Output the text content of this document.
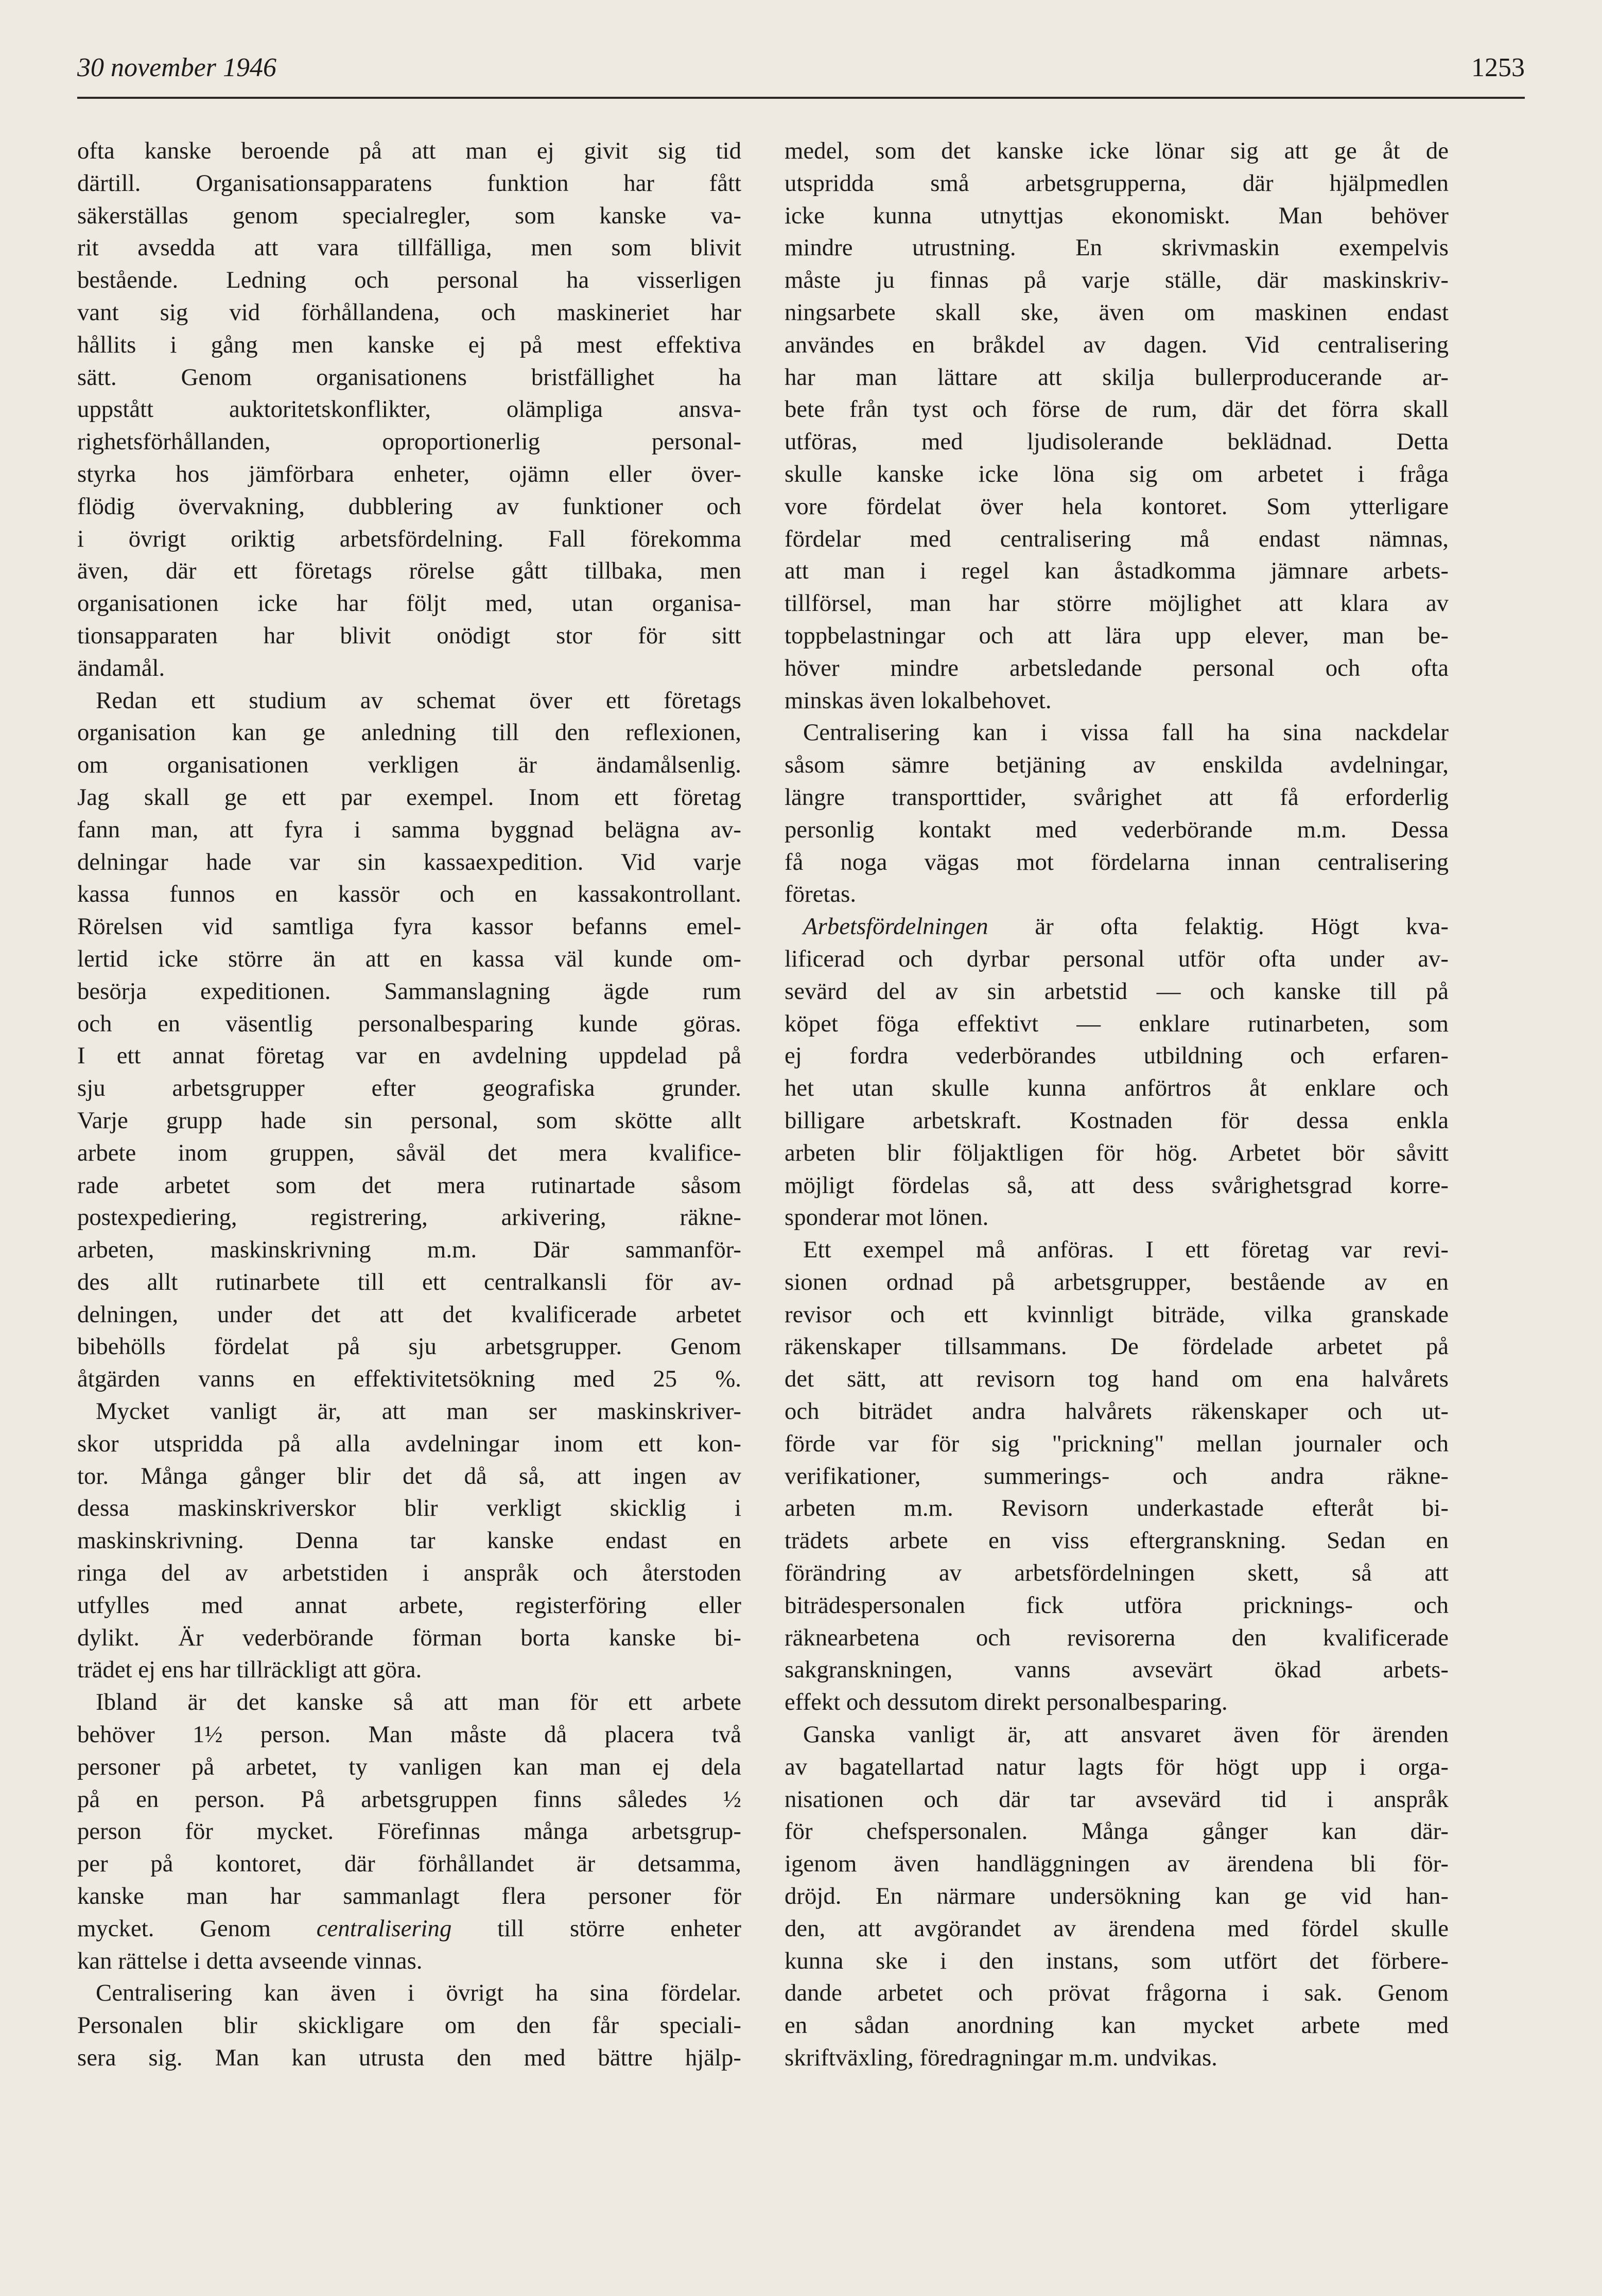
30 november 1946	1253
ofta kanske beroende på att man ej givit sig tid
därtill. Organisationsapparatens funktion har fått
säkerställas genom specialregler, som kanske va-
rit avsedda att vara tillfälliga, men som blivit
bestående. Ledning och personal ha visserligen
vant sig vid förhållandena, och maskineriet har
hållits i gång men kanske ej på mest effektiva
sätt. Genom organisationens bristfällighet ha
uppstått auktoritetskonflikter, olämpliga ansva-
righetsförhållanden, oproportionerlig personal-
styrka hos jämförbara enheter, ojämn eller över-
flödig övervakning, dubblering av funktioner och
i övrigt oriktig arbetsfördelning. Fall förekomma
även, där ett företags rörelse gått tillbaka, men
organisationen icke har följt med, utan organisa-
tionsapparaten har blivit onödigt stor för sitt
ändamål.
Redan ett studium av schemat över ett företags
organisation kan ge anledning till den reflexionen,
om organisationen verkligen är ändamålsenlig.
Jag skall ge ett par exempel. Inom ett företag
fann man, att fyra i samma byggnad belägna av-
delningar hade var sin kassaexpedition. Vid varje
kassa funnos en kassör och en kassakontrollant.
Rörelsen vid samtliga fyra kassor befanns emel-
lertid icke större än att en kassa väl kunde om-
besörja expeditionen. Sammanslagning ägde rum
och en väsentlig personalbesparing kunde göras.
I ett annat företag var en avdelning uppdelad på
sju arbetsgrupper efter geografiska grunder.
Varje grupp hade sin personal, som skötte allt
arbete inom gruppen, såväl det mera kvalifice-
rade arbetet som det mera rutinartade såsom
postexpediering, registrering, arkivering, räkne-
arbeten, maskinskrivning m.m. Där sammanför-
des allt rutinarbete till ett centralkansli för av-
delningen, under det att det kvalificerade arbetet
bibehölls fördelat på sju arbetsgrupper. Genom
åtgärden vanns en effektivitetsökning med 25 %.
Mycket vanligt är, att man ser maskinskriver-
skor utspridda på alla avdelningar inom ett kon-
tor. Många gånger blir det då så, att ingen av
dessa maskinskriverskor blir verkligt skicklig i
maskinskrivning. Denna tar kanske endast en
ringa del av arbetstiden i anspråk och återstoden
utfylles med annat arbete, registerföring eller
dylikt. Är vederbörande förman borta kanske bi-
trädet ej ens har tillräckligt att göra.
Ibland är det kanske så att man för ett arbete
behöver 1½ person. Man måste då placera två
personer på arbetet, ty vanligen kan man ej dela
på en person. På arbetsgruppen finns således ½
person för mycket. Förefinnas många arbetsgrup-
per på kontoret, där förhållandet är detsamma,
kanske man har sammanlagt flera personer för
mycket. Genom centralisering till större enheter
kan rättelse i detta avseende vinnas.
Centralisering kan även i övrigt ha sina fördelar.
Personalen blir skickligare om den får speciali-
sera sig. Man kan utrusta den med bättre hjälp-
medel, som det kanske icke lönar sig att ge åt de
utspridda små arbetsgrupperna, där hjälpmedlen
icke kunna utnyttjas ekonomiskt. Man behöver
mindre utrustning. En skrivmaskin exempelvis
måste ju finnas på varje ställe, där maskinskriv-
ningsarbete skall ske, även om maskinen endast
användes en bråkdel av dagen. Vid centralisering
har man lättare att skilja bullerproducerande ar-
bete från tyst och förse de rum, där det förra skall
utföras, med ljudisolerande beklädnad. Detta
skulle kanske icke löna sig om arbetet i fråga
vore fördelat över hela kontoret. Som ytterligare
fördelar med centralisering må endast nämnas,
att man i regel kan åstadkomma jämnare arbets-
tillförsel, man har större möjlighet att klara av
toppbelastningar och att lära upp elever, man be-
höver mindre arbetsledande personal och ofta
minskas även lokalbehovet.
Centralisering kan i vissa fall ha sina nackdelar
såsom sämre betjäning av enskilda avdelningar,
längre transporttider, svårighet att få erforderlig
personlig kontakt med vederbörande m.m. Dessa
få noga vägas mot fördelarna innan centralisering
företas.
Arbetsfördelningen är ofta felaktig. Högt kva-
lificerad och dyrbar personal utför ofta under av-
sevärd del av sin arbetstid — och kanske till på
köpet föga effektivt — enklare rutinarbeten, som
ej fordra vederbörandes utbildning och erfaren-
het utan skulle kunna anförtros åt enklare och
billigare arbetskraft. Kostnaden för dessa enkla
arbeten blir följaktligen för hög. Arbetet bör såvitt
möjligt fördelas så, att dess svårighetsgrad korre-
sponderar mot lönen.
Ett exempel må anföras. I ett företag var revi-
sionen ordnad på arbetsgrupper, bestående av en
revisor och ett kvinnligt biträde, vilka granskade
räkenskaper tillsammans. De fördelade arbetet på
det sätt, att revisorn tog hand om ena halvårets
och biträdet andra halvårets räkenskaper och ut-
förde var för sig "prickning" mellan journaler och
verifikationer, summerings- och andra räkne-
arbeten m.m. Revisorn underkastade efteråt bi-
trädets arbete en viss eftergranskning. Sedan en
förändring av arbetsfördelningen skett, så att
biträdespersonalen fick utföra pricknings- och
räknearbetena och revisorerna den kvalificerade
sakgranskningen, vanns avsevärt ökad arbets-
effekt och dessutom direkt personalbesparing.
Ganska vanligt är, att ansvaret även för ärenden
av bagatellartad natur lagts för högt upp i orga-
nisationen och där tar avsevärd tid i anspråk
för chefspersonalen. Många gånger kan där-
igenom även handläggningen av ärendena bli för-
dröjd. En närmare undersökning kan ge vid han-
den, att avgörandet av ärendena med fördel skulle
kunna ske i den instans, som utfört det förbere-
dande arbetet och prövat frågorna i sak. Genom
en sådan anordning kan mycket arbete med
skriftväxling, föredragningar m.m. undvikas.
